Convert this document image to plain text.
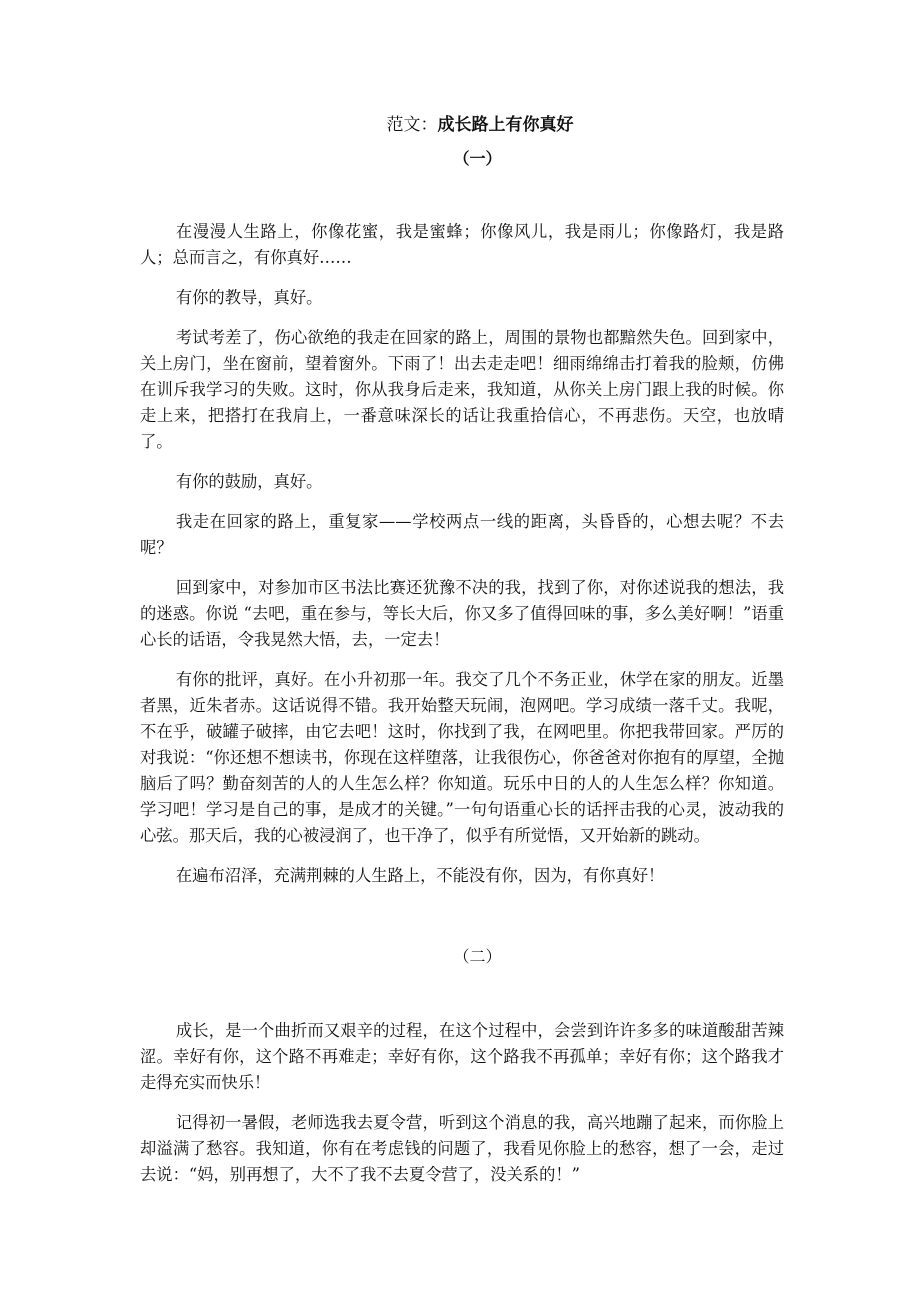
范文：成长路上有你真好
（一）

在漫漫人生路上，你像花蜜，我是蜜蜂；你像风儿，我是雨儿；你像路灯，我是路人；总而言之，有你真好……

有你的教导，真好。

考试考差了，伤心欲绝的我走在回家的路上，周围的景物也都黯然失色。回到家中，关上房门，坐在窗前，望着窗外。下雨了！出去走走吧！细雨绵绵击打着我的脸颊，仿佛在训斥我学习的失败。这时，你从我身后走来，我知道，从你关上房门跟上我的时候。你走上来，把搭打在我肩上，一番意味深长的话让我重拾信心，不再悲伤。天空，也放晴了。

有你的鼓励，真好。

我走在回家的路上，重复家——学校两点一线的距离，头昏昏的，心想去呢？不去呢？

回到家中，对参加市区书法比赛还犹豫不决的我，找到了你，对你述说我的想法，我的迷惑。你说 “去吧，重在参与，等长大后，你又多了值得回味的事，多么美好啊！”语重心长的话语，令我晃然大悟，去，一定去！

有你的批评，真好。在小升初那一年。我交了几个不务正业，休学在家的朋友。近墨者黑，近朱者赤。这话说得不错。我开始整天玩闹，泡网吧。学习成绩一落千丈。我呢，不在乎，破罐子破摔，由它去吧！这时，你找到了我，在网吧里。你把我带回家。严厉的对我说：“你还想不想读书，你现在这样堕落，让我很伤心，你爸爸对你抱有的厚望，全抛脑后了吗？勤奋刻苦的人的人生怎么样？你知道。玩乐中日的人的人生怎么样？你知道。学习吧！学习是自己的事，是成才的关键。”一句句语重心长的话抨击我的心灵，波动我的心弦。那天后，我的心被浸润了，也干净了，似乎有所觉悟，又开始新的跳动。

在遍布沼泽，充满荆棘的人生路上，不能没有你，因为，有你真好！

（二）

成长，是一个曲折而又艰辛的过程，在这个过程中，会尝到许许多多的味道酸甜苦辣涩。幸好有你，这个路不再难走；幸好有你，这个路我不再孤单；幸好有你；这个路我才走得充实而快乐！

记得初一暑假，老师选我去夏令营，听到这个消息的我，高兴地蹦了起来，而你脸上却溢满了愁容。我知道，你有在考虑钱的问题了，我看见你脸上的愁容，想了一会，走过去说：“妈，别再想了，大不了我不去夏令营了，没关系的！”
